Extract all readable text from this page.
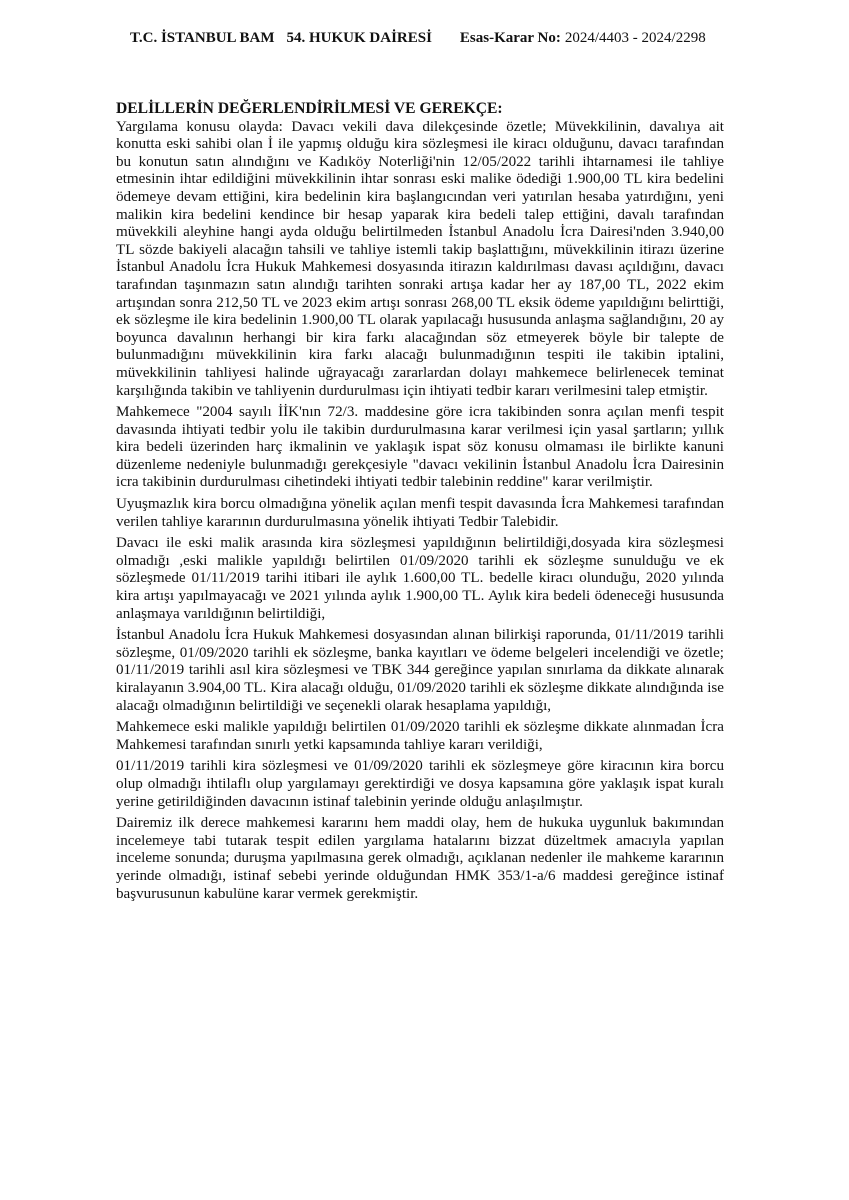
T.C. İSTANBUL BAM 54. HUKUK DAİRESİ Esas-Karar No: 2024/4403 - 2024/2298
DELİLLERİN DEĞERLENDİRİLMESİ VE GEREKÇE:

Yargılama konusu olayda: Davacı vekili dava dilekçesinde özetle; Müvekkilinin, davalıya ait konutta eski sahibi olan İ ile yapmış olduğu kira sözleşmesi ile kiracı olduğunu, davacı tarafından bu konutun satın alındığını ve Kadıköy Noterliği'nin 12/05/2022 tarihli ihtarnamesi ile tahliye etmesinin ihtar edildiğini müvekkilinin ihtar sonrası eski malike ödediği 1.900,00 TL kira bedelini ödemeye devam ettiğini, kira bedelinin kira başlangıcından veri yatırılan hesaba yatırdığını, yeni malikin kira bedelini kendince bir hesap yaparak kira bedeli talep ettiğini, davalı tarafından müvekkili aleyhine hangi ayda olduğu belirtilmeden İstanbul Anadolu İcra Dairesi'nden 3.940,00 TL sözde bakiyeli alacağın tahsili ve tahliye istemli takip başlattığını, müvekkilinin itirazı üzerine İstanbul Anadolu İcra Hukuk Mahkemesi dosyasında itirazın kaldırılması davası açıldığını, davacı tarafından taşınmazın satın alındığı tarihten sonraki artışa kadar her ay 187,00 TL, 2022 ekim artışından sonra 212,50 TL ve 2023 ekim artışı sonrası 268,00 TL eksik ödeme yapıldığını belirttiği, ek sözleşme ile kira bedelinin 1.900,00 TL olarak yapılacağı hususunda anlaşma sağlandığını, 20 ay boyunca davalının herhangi bir kira farkı alacağından söz etmeyerek böyle bir talepte de bulunmadığını müvekkilinin kira farkı alacağı bulunmadığının tespiti ile takibin iptalini, müvekkilinin tahliyesi halinde uğrayacağı zararlardan dolayı mahkemece belirlenecek teminat karşılığında takibin ve tahliyenin durdurulması için ihtiyati tedbir kararı verilmesini talep etmiştir.

Mahkemece "2004 sayılı İİK'nın 72/3. maddesine göre icra takibinden sonra açılan menfi tespit davasında ihtiyati tedbir yolu ile takibin durdurulmasına karar verilmesi için yasal şartların; yıllık kira bedeli üzerinden harç ikmalinin ve yaklaşık ispat söz konusu olmaması ile birlikte kanuni düzenleme nedeniyle bulunmadığı gerekçesiyle "davacı vekilinin İstanbul Anadolu İcra Dairesinin icra takibinin durdurulması cihetindeki ihtiyati tedbir talebinin reddine" karar verilmiştir.

Uyuşmazlık kira borcu olmadığına yönelik açılan menfi tespit davasında İcra Mahkemesi tarafından verilen tahliye kararının durdurulmasına yönelik ihtiyati Tedbir Talebidir.

Davacı ile eski malik arasında kira sözleşmesi yapıldığının belirtildiği,dosyada kira sözleşmesi olmadığı ,eski malikle yapıldığı belirtilen 01/09/2020 tarihli ek sözleşme sunulduğu ve ek sözleşmede 01/11/2019 tarihi itibari ile aylık 1.600,00 TL. bedelle kiracı olunduğu, 2020 yılında kira artışı yapılmayacağı ve 2021 yılında aylık 1.900,00 TL. Aylık kira bedeli ödeneceği hususunda anlaşmaya varıldığının belirtildiği,

İstanbul Anadolu İcra Hukuk Mahkemesi dosyasından alınan bilirkişi raporunda, 01/11/2019 tarihli sözleşme, 01/09/2020 tarihli ek sözleşme, banka kayıtları ve ödeme belgeleri incelendiği ve özetle; 01/11/2019 tarihli asıl kira sözleşmesi ve TBK 344 gereğince yapılan sınırlama da dikkate alınarak kiralayanın 3.904,00 TL. Kira alacağı olduğu, 01/09/2020 tarihli ek sözleşme dikkate alındığında ise alacağı olmadığının belirtildiği ve seçenekli olarak hesaplama yapıldığı,

Mahkemece eski malikle yapıldığı belirtilen 01/09/2020 tarihli ek sözleşme dikkate alınmadan İcra Mahkemesi tarafından sınırlı yetki kapsamında tahliye kararı verildiği,

01/11/2019 tarihli kira sözleşmesi ve 01/09/2020 tarihli ek sözleşmeye göre kiracının kira borcu olup olmadığı ihtilaflı olup yargılamayı gerektirdiği ve dosya kapsamına göre yaklaşık ispat kuralı yerine getirildiğinden davacının istinaf talebinin yerinde olduğu anlaşılmıştır.

Dairemiz ilk derece mahkemesi kararını hem maddi olay, hem de hukuka uygunluk bakımından incelemeye tabi tutarak tespit edilen yargılama hatalarını bizzat düzeltmek amacıyla yapılan inceleme sonunda; duruşma yapılmasına gerek olmadığı, açıklanan nedenler ile mahkeme kararının yerinde olmadığı, istinaf sebebi yerinde olduğundan HMK 353/1-a/6 maddesi gereğince istinaf başvurusunun kabulüne karar vermek gerekmiştir.
